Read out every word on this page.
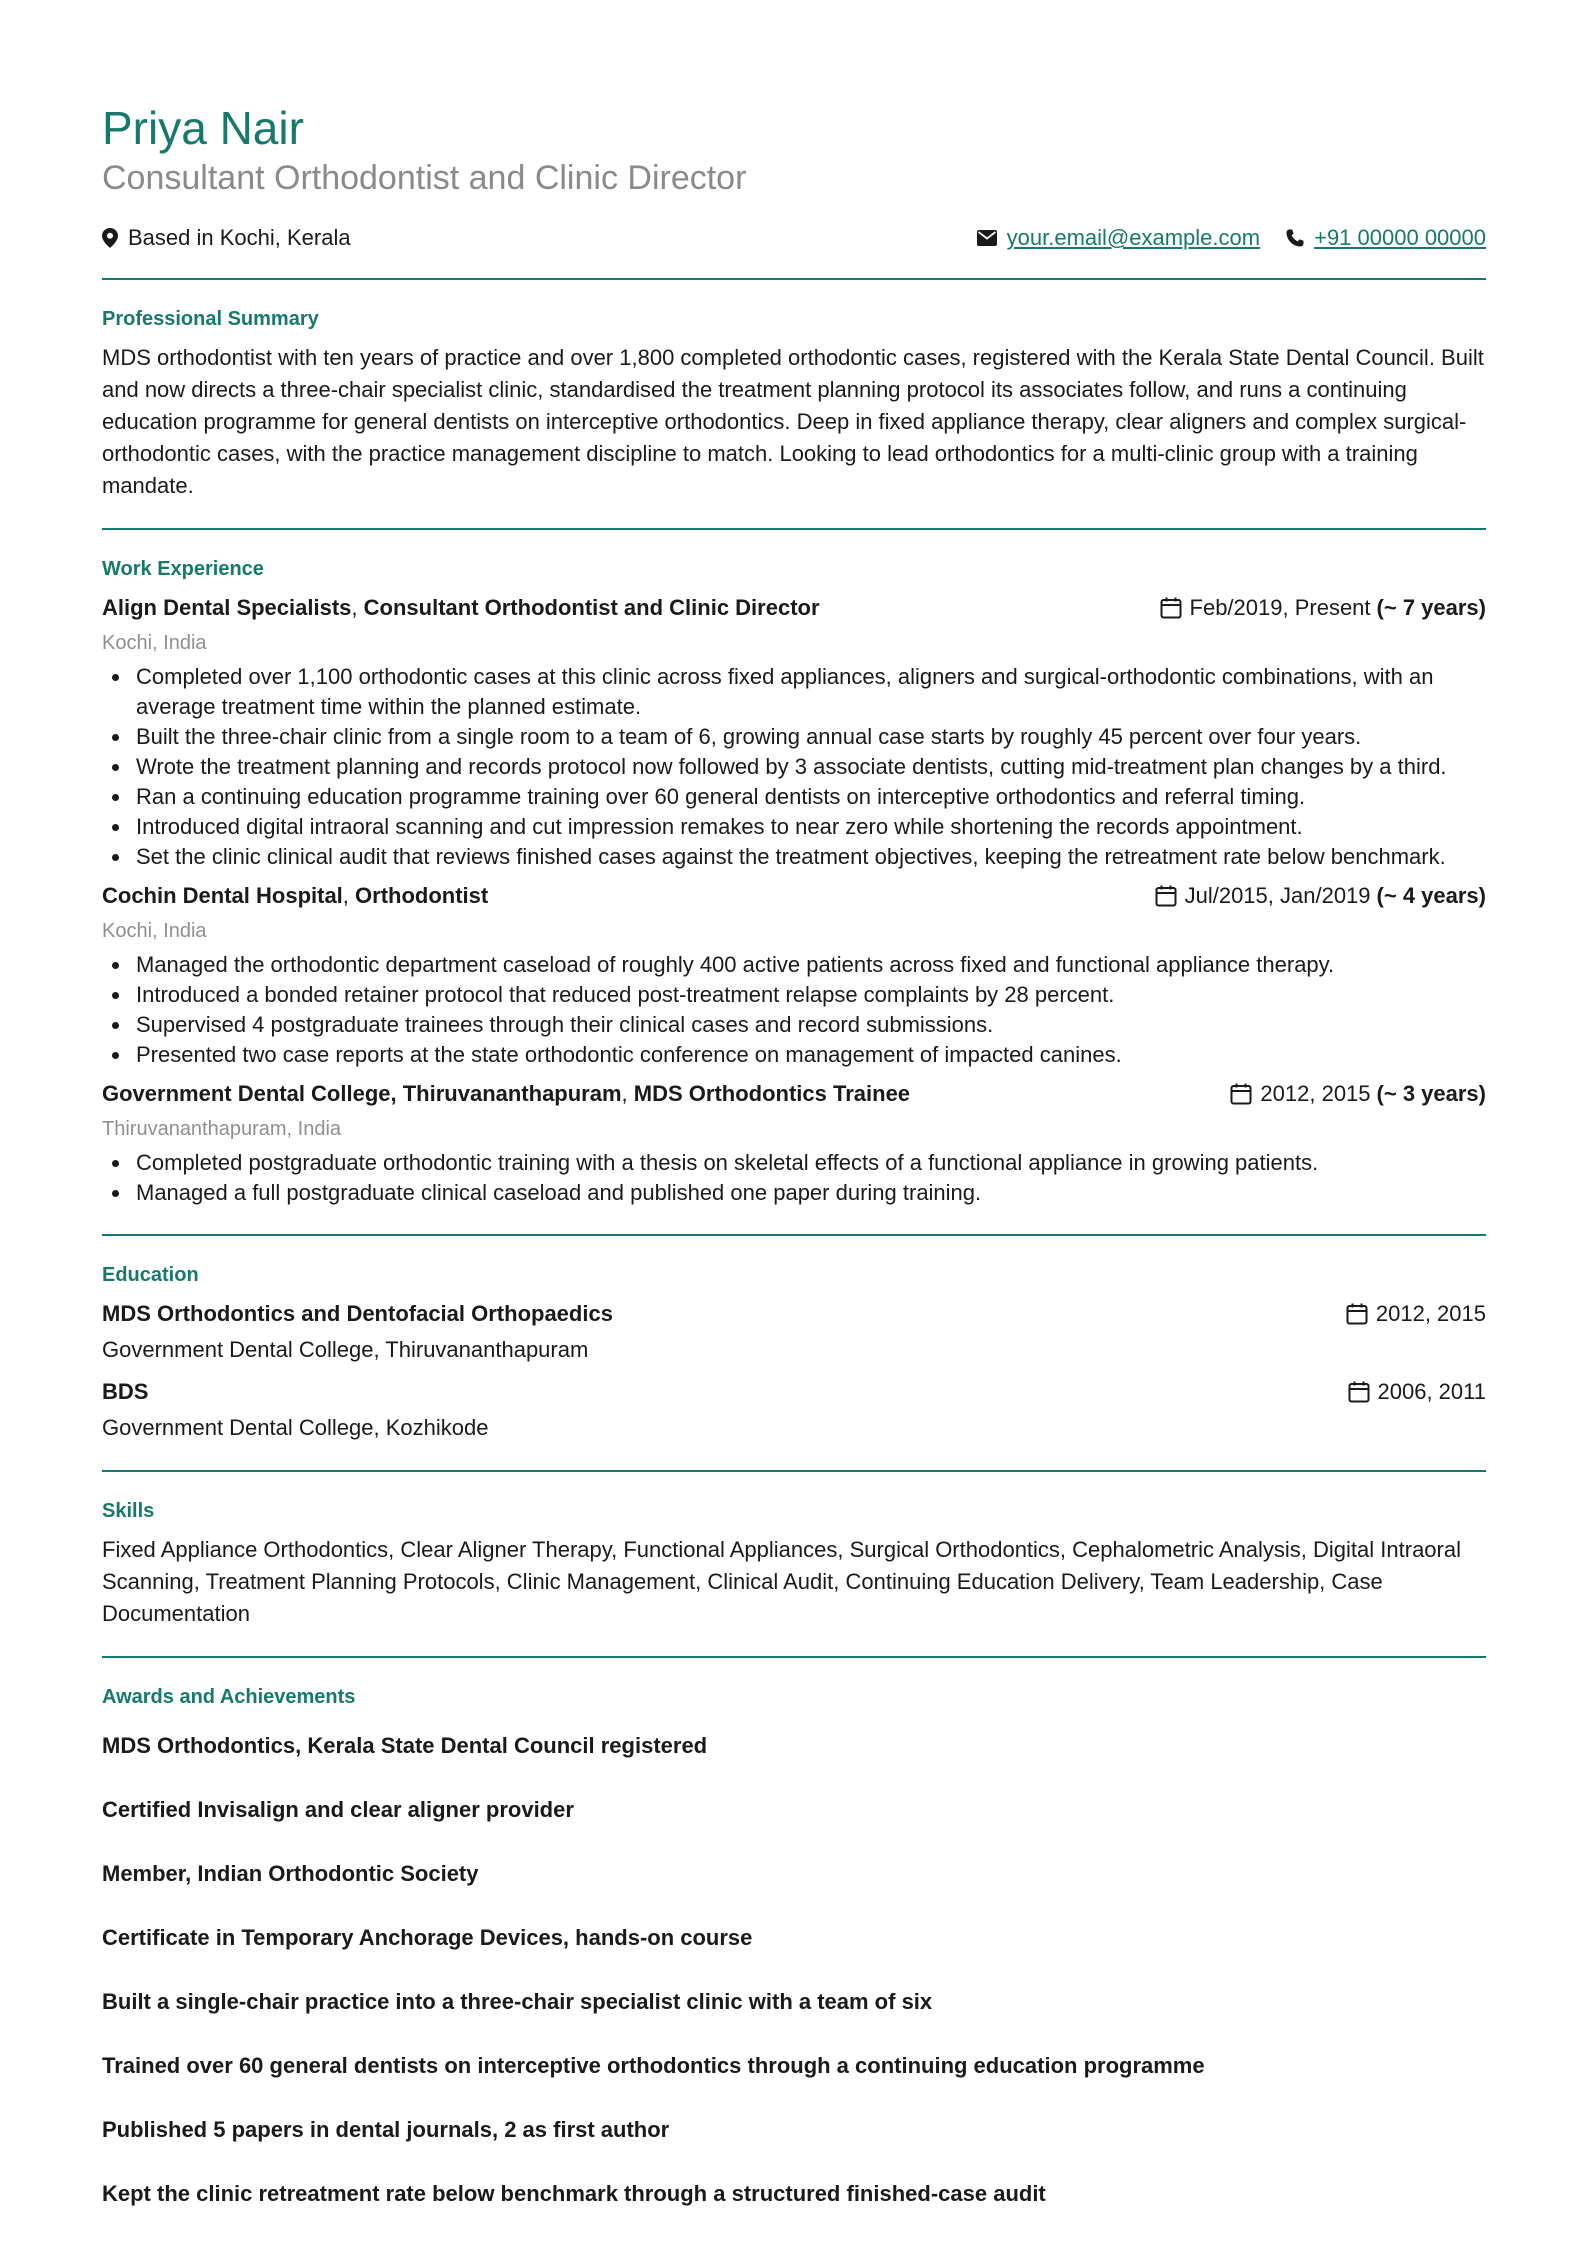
Priya Nair
Consultant Orthodontist and Clinic Director
Based in Kochi, Kerala	your.email@example.com +91 00000 00000
Professional Summary
MDS orthodontist with ten years of practice and over 1,800 completed orthodontic cases, registered with the Kerala State Dental Council. Built and now directs a three-chair specialist clinic, standardised the treatment planning protocol its associates follow, and runs a continuing education programme for general dentists on interceptive orthodontics. Deep in fixed appliance therapy, clear aligners and complex surgical-orthodontic cases, with the practice management discipline to match. Looking to lead orthodontics for a multi-clinic group with a training mandate.
Work Experience
Align Dental Specialists, Consultant Orthodontist and Clinic Director	Feb/2019, Present (~ 7 years)
Kochi, India
Completed over 1,100 orthodontic cases at this clinic across fixed appliances, aligners and surgical-orthodontic combinations, with an average treatment time within the planned estimate.
Built the three-chair clinic from a single room to a team of 6, growing annual case starts by roughly 45 percent over four years.
Wrote the treatment planning and records protocol now followed by 3 associate dentists, cutting mid-treatment plan changes by a third.
Ran a continuing education programme training over 60 general dentists on interceptive orthodontics and referral timing.
Introduced digital intraoral scanning and cut impression remakes to near zero while shortening the records appointment.
Set the clinic clinical audit that reviews finished cases against the treatment objectives, keeping the retreatment rate below benchmark.
Cochin Dental Hospital, Orthodontist	Jul/2015, Jan/2019 (~ 4 years)
Kochi, India
Managed the orthodontic department caseload of roughly 400 active patients across fixed and functional appliance therapy.
Introduced a bonded retainer protocol that reduced post-treatment relapse complaints by 28 percent.
Supervised 4 postgraduate trainees through their clinical cases and record submissions.
Presented two case reports at the state orthodontic conference on management of impacted canines.
Government Dental College, Thiruvananthapuram, MDS Orthodontics Trainee	2012, 2015 (~ 3 years)
Thiruvananthapuram, India
Completed postgraduate orthodontic training with a thesis on skeletal effects of a functional appliance in growing patients.
Managed a full postgraduate clinical caseload and published one paper during training.
Education
MDS Orthodontics and Dentofacial Orthopaedics	2012, 2015
Government Dental College, Thiruvananthapuram
BDS	2006, 2011
Government Dental College, Kozhikode
Skills
Fixed Appliance Orthodontics, Clear Aligner Therapy, Functional Appliances, Surgical Orthodontics, Cephalometric Analysis, Digital Intraoral Scanning, Treatment Planning Protocols, Clinic Management, Clinical Audit, Continuing Education Delivery, Team Leadership, Case Documentation
Awards and Achievements
MDS Orthodontics, Kerala State Dental Council registered
Certified Invisalign and clear aligner provider
Member, Indian Orthodontic Society
Certificate in Temporary Anchorage Devices, hands-on course
Built a single-chair practice into a three-chair specialist clinic with a team of six
Trained over 60 general dentists on interceptive orthodontics through a continuing education programme
Published 5 papers in dental journals, 2 as first author
Kept the clinic retreatment rate below benchmark through a structured finished-case audit
